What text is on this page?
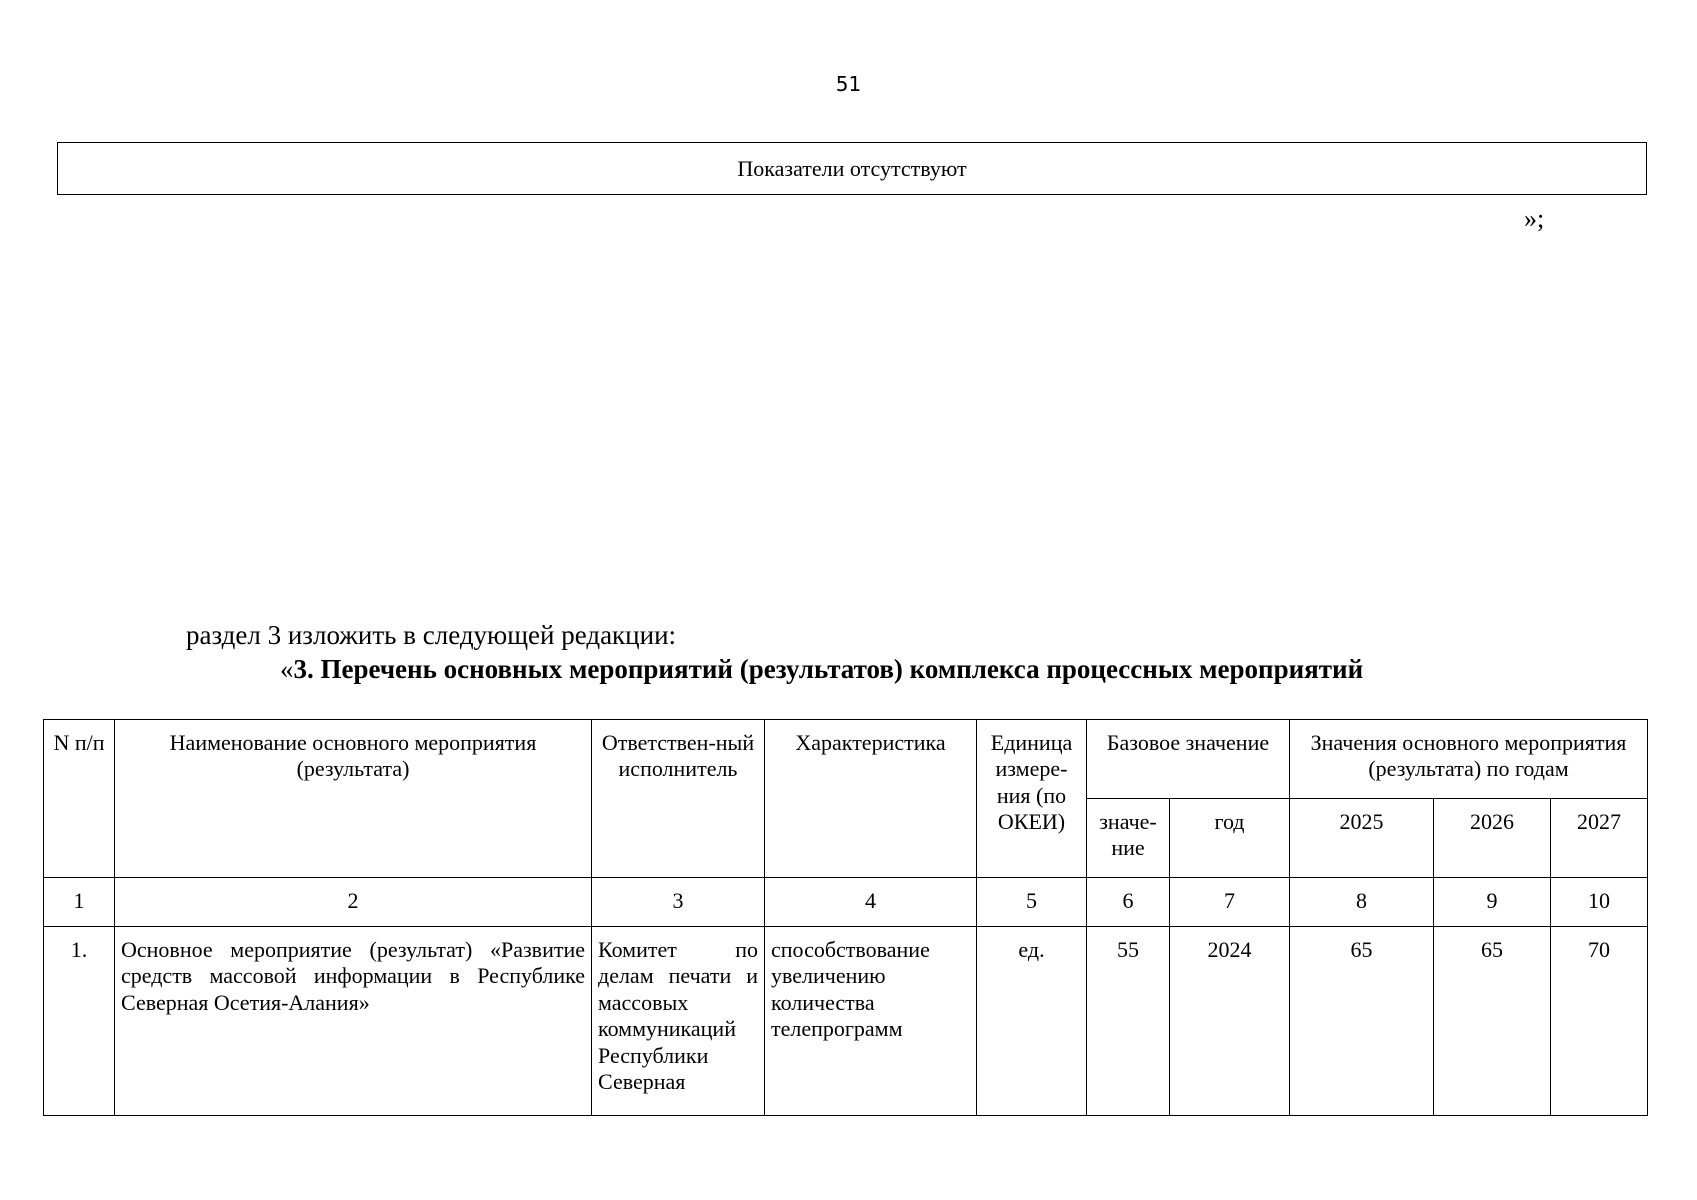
51
Показатели отсутствуют
»;
раздел 3 изложить в следующей редакции:
«3. Перечень основных мероприятий (результатов) комплекса процессных мероприятий
N п/п	Наименование основного мероприятия (результата)	Ответствен-ный исполнитель	Характеристика	Единица измере-ния (по ОКЕИ)	Базовое значение		Значения основного мероприятия (результата) по годам		
					значе-ние	год	2025	2026	2027
1	2	3	4	5	6	7	8	9	10
1.	Основное мероприятие (результат) «Развитие средств массовой информации в Республике Северная Осетия-Алания»	Комитет по делам печати и массовых коммуникаций Республики Северная	способствование увеличению количества телепрограмм	ед.	55	2024	65	65	70
